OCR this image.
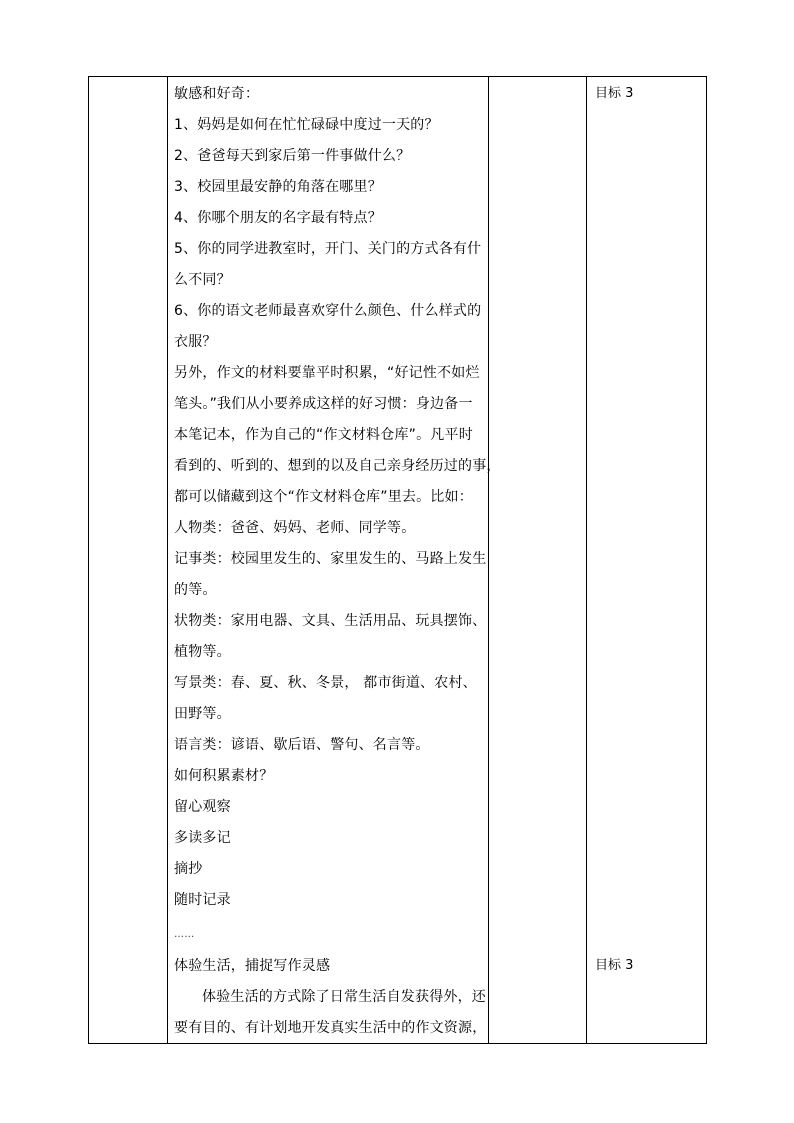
敏感和好奇：
1、妈妈是如何在忙忙碌碌中度过一天的？
2、爸爸每天到家后第一件事做什么？
3、校园里最安静的角落在哪里？
4、你哪个朋友的名字最有特点？
5、你的同学进教室时，开门、关门的方式各有什
么不同？
6、你的语文老师最喜欢穿什么颜色、什么样式的
衣服？
另外，作文的材料要靠平时积累，“好记性不如烂
笔头。”我们从小要养成这样的好习惯：身边备一
本笔记本，作为自己的“作文材料仓库”。凡平时
看到的、听到的、想到的以及自己亲身经历过的事，
都可以储藏到这个“作文材料仓库”里去。比如：
人物类：爸爸、妈妈、老师、同学等。
记事类：校园里发生的、家里发生的、马路上发生
的等。
状物类：家用电器、文具、生活用品、玩具摆饰、
植物等。
写景类：春、夏、秋、冬景， 都市街道、农村、
田野等。
语言类：谚语、歇后语、警句、名言等。
如何积累素材？
留心观察
多读多记
摘抄
随时记录
……
体验生活，捕捉写作灵感
体验生活的方式除了日常生活自发获得外，还
要有目的、有计划地开发真实生活中的作文资源，
目标 3
目标 3
